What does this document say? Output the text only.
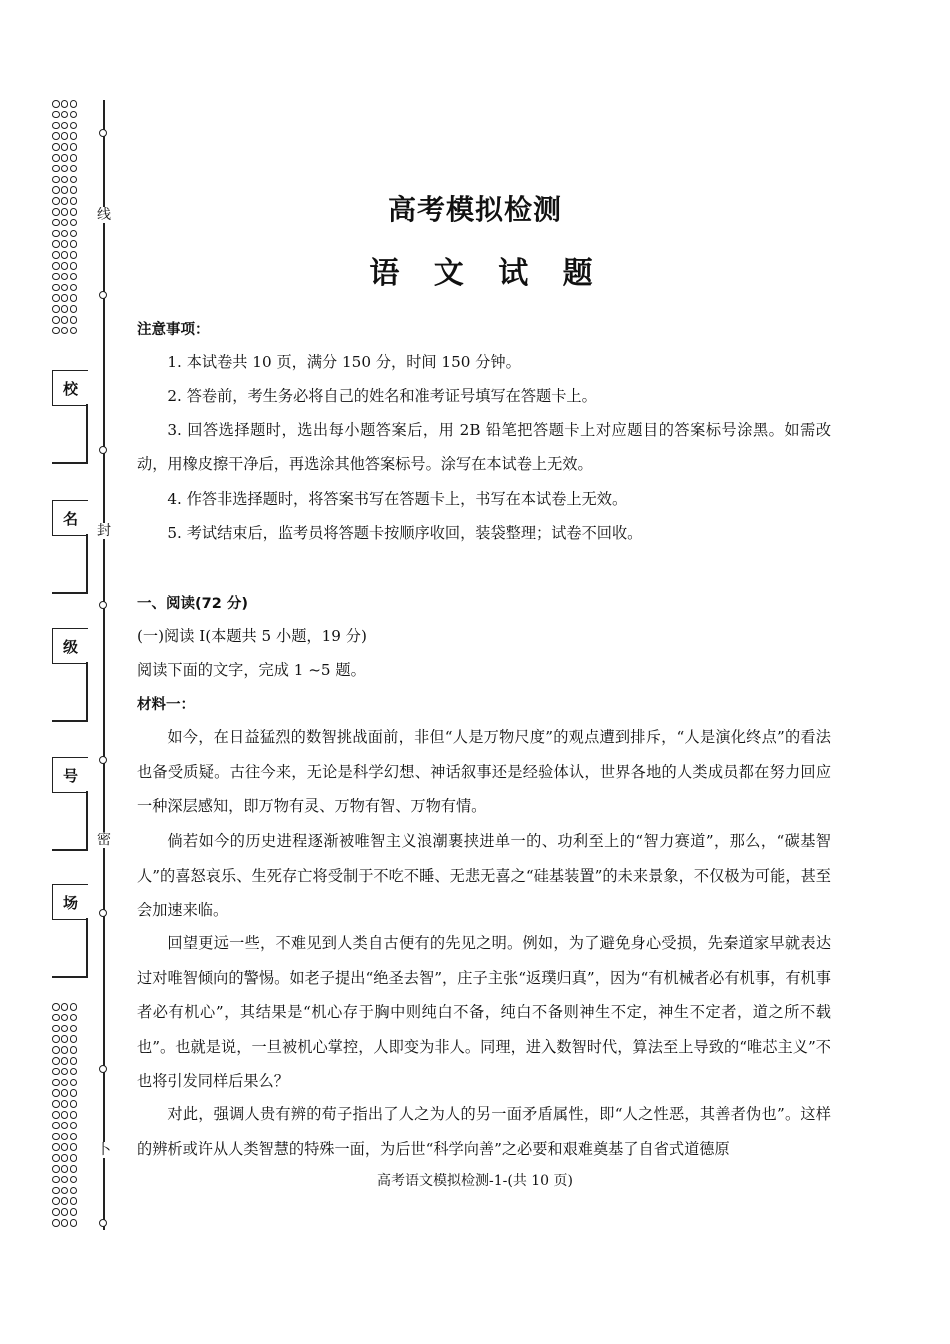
线
封
密
卜
校
名
级
号
场
高考模拟检测
语 文 试 题
注意事项：
1. 本试卷共 10 页，满分 150 分，时间 150 分钟。
2. 答卷前，考生务必将自己的姓名和准考证号填写在答题卡上。
3. 回答选择题时，选出每小题答案后，用 2B 铅笔把答题卡上对应题目的答案标号涂黑。如需改动，用橡皮擦干净后，再选涂其他答案标号。涂写在本试卷上无效。
4. 作答非选择题时，将答案书写在答题卡上，书写在本试卷上无效。
5. 考试结束后，监考员将答题卡按顺序收回，装袋整理；试卷不回收。
一、阅读(72 分)
(一)阅读 I(本题共 5 小题，19 分)
阅读下面的文字，完成 1 ~5 题。
材料一：
如今，在日益猛烈的数智挑战面前，非但“人是万物尺度”的观点遭到排斥，“人是演化终点”的看法也备受质疑。古往今来，无论是科学幻想、神话叙事还是经验体认，世界各地的人类成员都在努力回应一种深层感知，即万物有灵、万物有智、万物有情。
倘若如今的历史进程逐渐被唯智主义浪潮裹挟进单一的、功利至上的“智力赛道”，那么，“碳基智人”的喜怒哀乐、生死存亡将受制于不吃不睡、无悲无喜之“硅基装置”的未来景象，不仅极为可能，甚至会加速来临。
回望更远一些，不难见到人类自古便有的先见之明。例如，为了避免身心受损，先秦道家早就表达过对唯智倾向的警惕。如老子提出“绝圣去智”，庄子主张“返璞归真”，因为“有机械者必有机事，有机事者必有机心”，其结果是“机心存于胸中则纯白不备，纯白不备则神生不定，神生不定者，道之所不载也”。也就是说，一旦被机心掌控，人即变为非人。同理，进入数智时代，算法至上导致的“唯芯主义”不也将引发同样后果么？
对此，强调人贵有辨的荀子指出了人之为人的另一面矛盾属性，即“人之性恶，其善者伪也”。这样的辨析或许从人类智慧的特殊一面，为后世“科学向善”之必要和艰难奠基了自省式道德原
高考语文模拟检测-1-(共 10 页)
